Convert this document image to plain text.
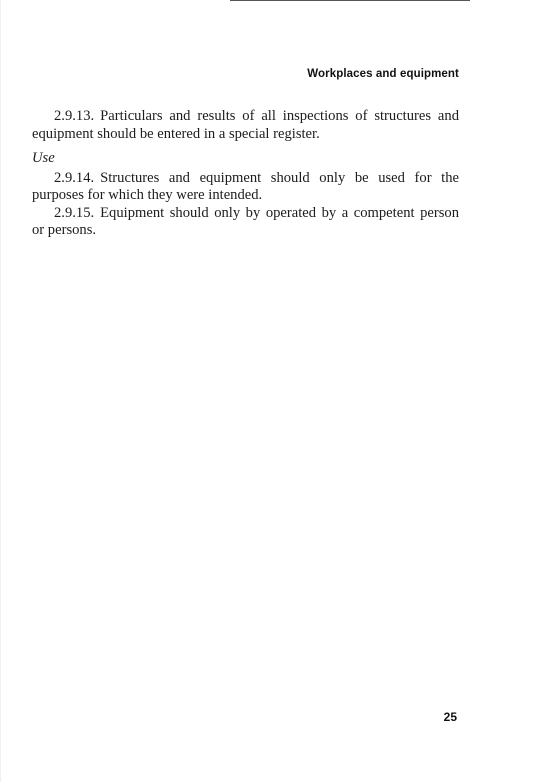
Workplaces and equipment

2.9.13. Particulars and results of all inspections of structures and equipment should be entered in a special register.

Use

2.9.14. Structures and equipment should only be used for the purposes for which they were intended.

2.9.15. Equipment should only by operated by a competent person or persons.

25
